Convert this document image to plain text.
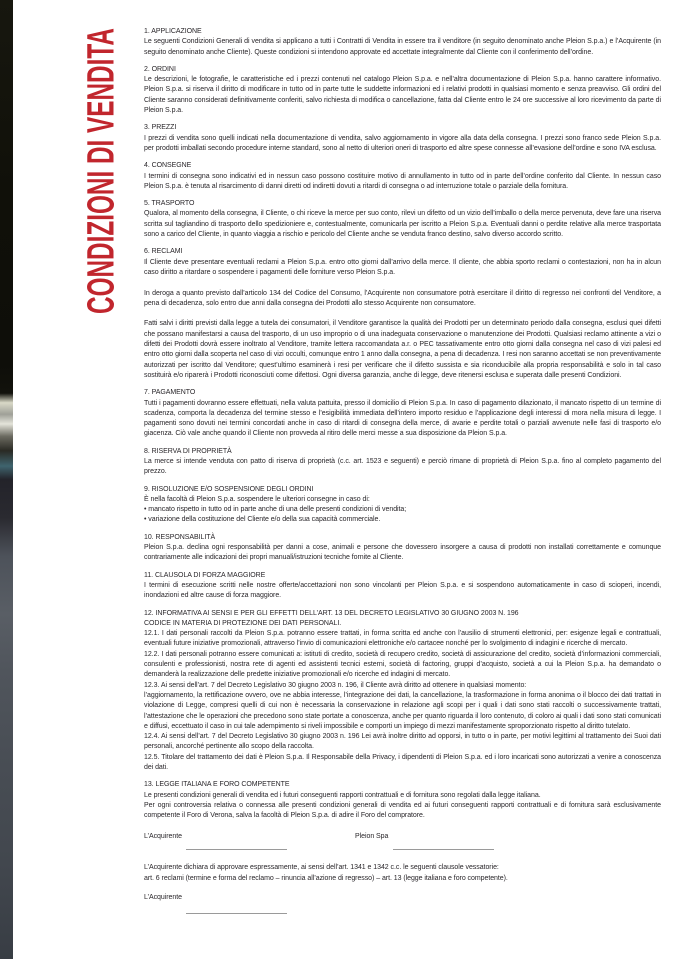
CONDIZIONI DI VENDITA	1. APPLICAZIONE

Le seguenti Condizioni Generali di vendita si applicano a tutti i Contratti di Vendita in essere tra il venditore (in seguito denominato anche Pleion S.p.a.) e l’Acquirente (in seguito denominato anche Cliente). Queste condizioni si intendono approvate ed accettate integralmente dal Cliente con il conferimento dell’ordine.

2. ORDINI

Le descrizioni, le fotografie, le caratteristiche ed i prezzi contenuti nel catalogo Pleion S.p.a. e nell’altra documentazione di Pleion S.p.a. hanno carattere informativo. Pleion S.p.a. si riserva il diritto di modificare in tutto od in parte tutte le suddette informazioni ed i relativi prodotti in qualsiasi momento e senza preavviso. Gli ordini del Cliente saranno considerati definitivamente conferiti, salvo richiesta di modifica o cancellazione, fatta dal Cliente entro le 24 ore successive al loro ricevimento da parte di Pleion S.p.a.

3. PREZZI

I prezzi di vendita sono quelli indicati nella documentazione di vendita, salvo aggiornamento in vigore alla data della consegna. I prezzi sono franco sede Pleion S.p.a. per prodotti imballati secondo procedure interne standard, sono al netto di ulteriori oneri di trasporto ed altre spese connesse all’evasione dell’ordine e sono IVA esclusa.

4. CONSEGNE

I termini di consegna sono indicativi ed in nessun caso possono costituire motivo di annullamento in tutto od in parte dell’ordine conferito dal Cliente. In nessun caso Pleion S.p.a. è tenuta al risarcimento di danni diretti od indiretti dovuti a ritardi di consegna o ad interruzione totale o parziale della fornitura.

5. TRASPORTO

Qualora, al momento della consegna, il Cliente, o chi riceve la merce per suo conto, rilevi un difetto od un vizio dell’imballo o della merce pervenuta, deve fare una riserva scritta sul tagliandino di trasporto dello spedizioniere e, contestualmente, comunicarla per iscritto a Pleion S.p.a. Eventuali danni o perdite relative alla merce trasportata sono a carico del Cliente, in quanto viaggia a rischio e pericolo del Cliente anche se venduta franco destino, salvo diverso accordo scritto.

6. RECLAMI

Il Cliente deve presentare eventuali reclami a Pleion S.p.a. entro otto giorni dall’arrivo della merce. Il cliente, che abbia sporto reclami o contestazioni, non ha in alcun caso diritto a ritardare o sospendere i pagamenti delle forniture verso Pleion S.p.a.

In deroga a quanto previsto dall’articolo 134 del Codice del Consumo, l’Acquirente non consumatore potrà esercitare il diritto di regresso nei confronti del Venditore, a pena di decadenza, solo entro due anni dalla consegna dei Prodotti allo stesso Acquirente non consumatore.

Fatti salvi i diritti previsti dalla legge a tutela dei consumatori, il Venditore garantisce la qualità dei Prodotti per un determinato periodo dalla consegna, esclusi quei difetti che possano manifestarsi a causa del trasporto, di un uso improprio o di una inadeguata conservazione o manutenzione dei Prodotti. Qualsiasi reclamo attinente a vizi o difetti dei Prodotti dovrà essere inoltrato al Venditore, tramite lettera raccomandata a.r. o PEC tassativamente entro otto giorni dalla consegna nel caso di vizi palesi ed entro otto giorni dalla scoperta nel caso di vizi occulti, comunque entro 1 anno dalla consegna, a pena di decadenza. I resi non saranno accettati se non preventivamente autorizzati per iscritto dal Venditore; quest’ultimo esaminerà i resi per verificare che il difetto sussista e sia riconducibile alla propria responsabilità e solo in tal caso sostituirà e/o riparerà i Prodotti riconosciuti come difettosi. Ogni diversa garanzia, anche di legge, deve ritenersi esclusa e superata dalle presenti Condizioni.

7. PAGAMENTO

Tutti i pagamenti dovranno essere effettuati, nella valuta pattuita, presso il domicilio di Pleion S.p.a. In caso di pagamento dilazionato, il mancato rispetto di un termine di scadenza, comporta la decadenza del termine stesso e l’esigibilità immediata dell’intero importo residuo e l’applicazione degli interessi di mora nella misura di legge. I pagamenti sono dovuti nei termini concordati anche in caso di ritardi di consegna della merce, di avarie e perdite totali o parziali avvenute nelle fasi di trasporto e/o giacenza. Ciò vale anche quando il Cliente non provveda al ritiro delle merci messe a sua disposizione da Pleion S.p.a.

8. RISERVA DI PROPRIETÀ

La merce si intende venduta con patto di riserva di proprietà (c.c. art. 1523 e seguenti) e perciò rimane di proprietà di Pleion S.p.a. fino al completo pagamento del prezzo.

9. RISOLUZIONE E/O SOSPENSIONE DEGLI ORDINI

È nella facoltà di Pleion S.p.a. sospendere le ulteriori consegne in caso di:

• mancato rispetto in tutto od in parte anche di una delle presenti condizioni di vendita;

• variazione della costituzione del Cliente e/o della sua capacità commerciale.

10. RESPONSABILITÀ

Pleion S.p.a. declina ogni responsabilità per danni a cose, animali e persone che dovessero insorgere a causa di prodotti non installati correttamente e comunque contrariamente alle indicazioni dei propri manuali/istruzioni tecniche fornite al Cliente.

11. CLAUSOLA DI FORZA MAGGIORE

I termini di esecuzione scritti nelle nostre offerte/accettazioni non sono vincolanti per Pleion S.p.a. e si sospendono automaticamente in caso di scioperi, incendi, inondazioni ed altre cause di forza maggiore.

12. INFORMATIVA AI SENSI E PER GLI EFFETTI DELL’ART. 13 DEL DECRETO LEGISLATIVO 30 GIUGNO 2003 N. 196

CODICE IN MATERIA DI PROTEZIONE DEI DATI PERSONALI.

12.1. I dati personali raccolti da Pleion S.p.a. potranno essere trattati, in forma scritta ed anche con l’ausilio di strumenti elettronici, per: esigenze legali e contrattuali, eventuali future iniziative promozionali, attraverso l’invio di comunicazioni elettroniche e/o cartacee nonché per lo svolgimento di indagini e ricerche di mercato.

12.2. I dati personali potranno essere comunicati a: istituti di credito, società di recupero credito, società di assicurazione del credito, società d’informazioni commerciali, consulenti e professionisti, nostra rete di agenti ed assistenti tecnici esterni, società di factoring, gruppi d’acquisto, società a cui la Pleion S.p.a. ha demandato o demanderà la realizzazione delle predette iniziative promozionali e/o ricerche ed indagini di mercato.

12.3. Ai sensi dell’art. 7 del Decreto Legislativo 30 giugno 2003 n. 196, il Cliente avrà diritto ad ottenere in qualsiasi momento:

l’aggiornamento, la rettificazione ovvero, ove ne abbia interesse, l’integrazione dei dati, la cancellazione, la trasformazione in forma anonima o il blocco dei dati trattati in violazione di Legge, compresi quelli di cui non è necessaria la conservazione in relazione agli scopi per i quali i dati sono stati raccolti o successivamente trattati, l’attestazione che le operazioni che precedono sono state portate a conoscenza, anche per quanto riguarda il loro contenuto, di coloro ai quali i dati sono stati comunicati e diffusi, eccettuato il caso in cui tale adempimento si riveli impossibile e comporti un impiego di mezzi manifestamente sproporzionato rispetto al diritto tutelato.

12.4. Ai sensi dell’art. 7 del Decreto Legislativo 30 giugno 2003 n. 196 Lei avrà inoltre diritto ad opporsi, in tutto o in parte, per motivi legittimi al trattamento dei Suoi dati personali, ancorché pertinente allo scopo della raccolta.

12.5. Titolare del trattamento dei dati è Pleion S.p.a. Il Responsabile della Privacy, i dipendenti di Pleion S.p.a. ed i loro incaricati sono autorizzati a venire a conoscenza dei dati.

13. LEGGE ITALIANA E FORO COMPETENTE

Le presenti condizioni generali di vendita ed i futuri conseguenti rapporti contrattuali e di fornitura sono regolati dalla legge italiana.

Per ogni controversia relativa o connessa alle presenti condizioni generali di vendita ed ai futuri conseguenti rapporti contrattuali e di fornitura sarà esclusivamente competente il Foro di Verona, salva la facoltà di Pleion S.p.a. di adire il Foro del compratore.

L’Acquirente	Pleion Spa

L’Acquirente dichiara di approvare espressamente, ai sensi dell’art. 1341 e 1342 c.c. le seguenti clausole vessatorie:

art. 6 reclami (termine e forma del reclamo – rinuncia all’azione di regresso) – art. 13 (legge italiana e foro competente).

L’Acquirente
